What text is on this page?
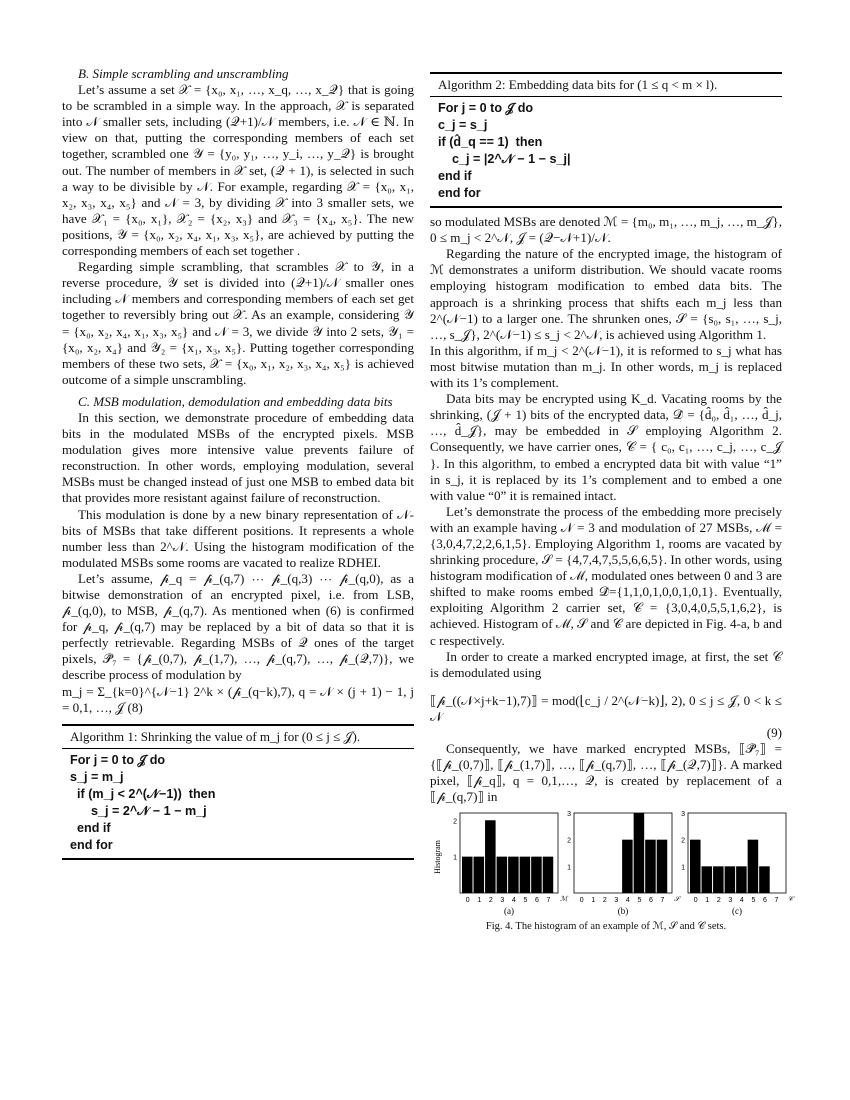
B. Simple scrambling and unscrambling

Let’s assume a set 𝒳 = {x₀, x₁, …, x_q, …, x_𝒬} that is going to be scrambled in a simple way. In the approach, 𝒳 is separated into 𝒩 smaller sets, including (𝒬+1)/𝒩 members, i.e. 𝒩 ∈ ℕ. In view on that, putting the corresponding members of each set together, scrambled one 𝒴 = {y₀, y₁, …, y_i, …, y_𝒬} is brought out. The number of members in 𝒳 set, (𝒬 + 1), is selected in such a way to be divisible by 𝒩. For example, regarding 𝒳 = {x₀, x₁, x₂, x₃, x₄, x₅} and 𝒩 = 3, by dividing 𝒳 into 3 smaller sets, we have 𝒳₁ = {x₀, x₁}, 𝒳₂ = {x₂, x₃} and 𝒳₃ = {x₄, x₅}. The new positions, 𝒴 = {x₀, x₂, x₄, x₁, x₃, x₅}, are achieved by putting the corresponding members of each set together .

Regarding simple scrambling, that scrambles 𝒳 to 𝒴, in a reverse procedure, 𝒴 set is divided into (𝒬+1)/𝒩 smaller ones including 𝒩 members and corresponding members of each set get together to reversibly bring out 𝒳. As an example, considering 𝒴 = {x₀, x₂, x₄, x₁, x₃, x₅} and 𝒩 = 3, we divide 𝒴 into 2 sets, 𝒴₁ = {x₀, x₂, x₄} and 𝒴₂ = {x₁, x₃, x₅}. Putting together corresponding members of these two sets, 𝒳 = {x₀, x₁, x₂, x₃, x₄, x₅} is achieved outcome of a simple unscrambling.

C. MSB modulation, demodulation and embedding data bits

In this section, we demonstrate procedure of embedding data bits in the modulated MSBs of the encrypted pixels. MSB modulation gives more intensive value prevents failure of reconstruction. In other words, employing modulation, several MSBs must be changed instead of just one MSB to embed data bit that provides more resistant against failure of reconstruction.

This modulation is done by a new binary representation of 𝒩-bits of MSBs that take different positions. It represents a whole number less than 2^𝒩. Using the histogram modification of the modulated MSBs some rooms are vacated to realize RDHEI.

Let’s assume, 𝓅̂_q = 𝓅̂_(q,7) ⋯ 𝓅̂_(q,3) ⋯ 𝓅̂_(q,0), as a bitwise demonstration of an encrypted pixel, i.e. from LSB, 𝓅̂_(q,0), to MSB, 𝓅̂_(q,7). As mentioned when (6) is confirmed for 𝓅_q, 𝓅̂_(q,7) may be replaced by a bit of data so that it is perfectly retrievable. Regarding MSBs of 𝒬 ones of the target pixels, 𝒫̂₇ = {𝓅̂_(0,7), 𝓅̂_(1,7), …, 𝓅̂_(q,7), …, 𝓅̂_(𝒬,7)}, we describe process of modulation by

m_j = Σ_{k=0}^{𝒩−1} 2^k × (𝓅̂_(q−k),7), q = 𝒩 × (j + 1) − 1, j = 0,1, …, 𝒥 (8)

Algorithm 1: Shrinking the value of m_j for (0 ≤ j ≤ 𝒥).
For j = 0 to 𝒥 do
s_j = m_j
if (m_j < 2^(𝒩−1))  then
s_j = 2^𝒩 − 1 − m_j
end if
end for
Algorithm 2: Embedding data bits for (1 ≤ q < m × l).
For j = 0 to 𝒥 do
c_j = s_j
if (d̂_q == 1)  then
c_j = |2^𝒩 − 1 − s_j|
end if
end for

so modulated MSBs are denoted ℳ = {m₀, m₁, …, m_j, …, m_𝒥}, 0 ≤ m_j < 2^𝒩, 𝒥 = (𝒬−𝒩+1)/𝒩.

Regarding the nature of the encrypted image, the histogram of ℳ demonstrates a uniform distribution. We should vacate rooms employing histogram modification to embed data bits. The approach is a shrinking process that shifts each m_j less than 2^(𝒩−1) to a larger one. The shrunken ones, 𝒮 = {s₀, s₁, …, s_j, …, s_𝒥}, 2^(𝒩−1) ≤ s_j < 2^𝒩, is achieved using Algorithm 1.

In this algorithm, if m_j < 2^(𝒩−1), it is reformed to s_j what has most bitwise mutation than m_j. In other words, m_j is replaced with its 1’s complement.

Data bits may be encrypted using K_d. Vacating rooms by the shrinking, (𝒥 + 1) bits of the encrypted data, 𝒟̂ = {d̂₀, d̂₁, …, d̂_j, …, d̂_𝒥}, may be embedded in 𝒮 employing Algorithm 2. Consequently, we have carrier ones, 𝒞 = { c₀, c₁, …, c_j, …, c_𝒥 }. In this algorithm, to embed a encrypted data bit with value “1” in s_j, it is replaced by its 1’s complement and to embed a one with value “0” it is remained intact.

Let’s demonstrate the process of the embedding more precisely with an example having 𝒩 = 3 and modulation of 27 MSBs, ℳ = {3,0,4,7,2,2,6,1,5}. Employing Algorithm 1, rooms are vacated by shrinking procedure, 𝒮 = {4,7,4,7,5,5,6,6,5}. In other words, using histogram modification of ℳ, modulated ones between 0 and 3 are shifted to make rooms embed 𝒟̂={1,1,0,1,0,0,1,0,1}. Eventually, exploiting Algorithm 2 carrier set, 𝒞 = {3,0,4,0,5,5,1,6,2}, is achieved. Histogram of ℳ, 𝒮 and 𝒞 are depicted in Fig. 4-a, b and c respectively.

In order to create a marked encrypted image, at first, the set 𝒞 is demodulated using

⟦𝓅̂_((𝒩×j+k−1),7)⟧ = mod(⌊c_j / 2^(𝒩−k)⌋, 2), 0 ≤ j ≤ 𝒥, 0 < k ≤ 𝒩

(9)

Consequently, we have marked encrypted MSBs, ⟦𝒫̂₇⟧ = {⟦𝓅̂_(0,7)⟧, ⟦𝓅̂_(1,7)⟧, …, ⟦𝓅̂_(q,7)⟧, …, ⟦𝓅̂_(𝒬,7)⟧}. A marked pixel, ⟦𝓅̂_q⟧, q = 0,1,…, 𝒬, is created by replacement of a ⟦𝓅̂_(q,7)⟧ in

Histogram
0 1 2 3 4 5 6 7
1
2
ℳ
(a)
0 1 2 3 4 5 6 7
1
2
3
𝒮
(b)
0 1 2 3 4 5 6 7
1
2
3
𝒞
(c)
Fig. 4. The histogram of an example of ℳ, 𝒮 and 𝒞 sets.
